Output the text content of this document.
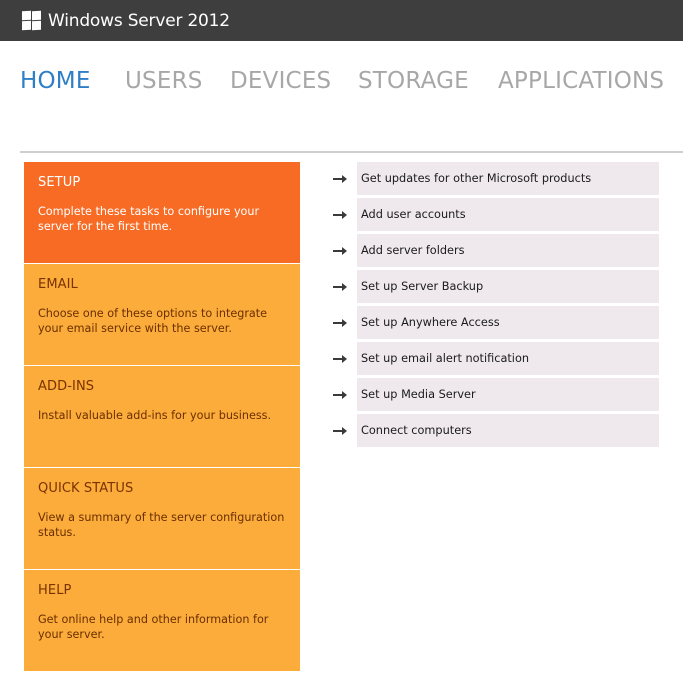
Windows Server 2012
HOME USERS DEVICES STORAGE APPLICATIONS
SETUP
Complete these tasks to configure your server for the first time.
EMAIL
Choose one of these options to integrate your email service with the server.
ADD-INS
Install valuable add-ins for your business.
QUICK STATUS
View a summary of the server configuration status.
HELP
Get online help and other information for your server.
Get updates for other Microsoft products
Add user accounts
Add server folders
Set up Server Backup
Set up Anywhere Access
Set up email alert notification
Set up Media Server
Connect computers
